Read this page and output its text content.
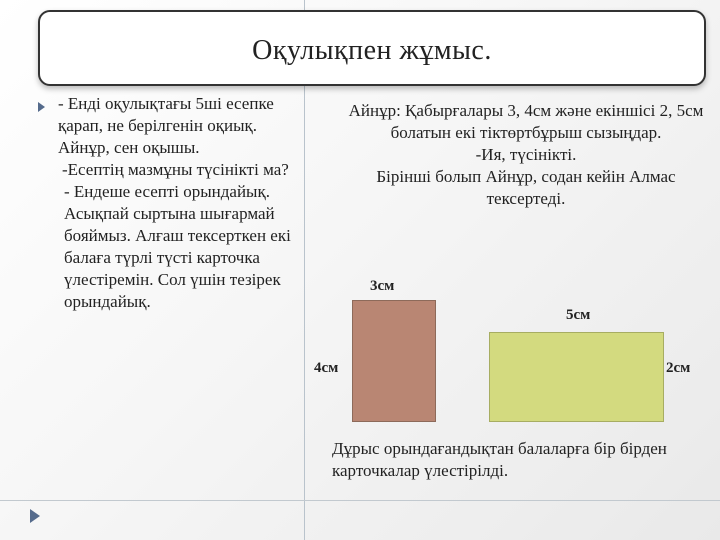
Оқулықпен жұмыс.

- Енді оқулықтағы 5ші есепке қарап, не берілгенін оқиық. Айнұр, сен оқышы.

-Есептің мазмұны түсінікті ма?

- Ендеше есепті орындайық. Асықпай сыртына шығармай бояймыз. Алғаш тексерткен екі балаға түрлі түсті карточка үлестіремін. Сол үшін тезірек орындайық.

Айнұр: Қабырғалары 3, 4см және екіншісі 2, 5см болатын екі тіктөртбұрыш сызыңдар.

-Ия, түсінікті.

Бірінші болып Айнұр, содан кейін Алмас тексертеді.

3см
4см
5см
2см

Дұрыс орындағандықтан балаларға бір бірден карточкалар үлестірілді.
